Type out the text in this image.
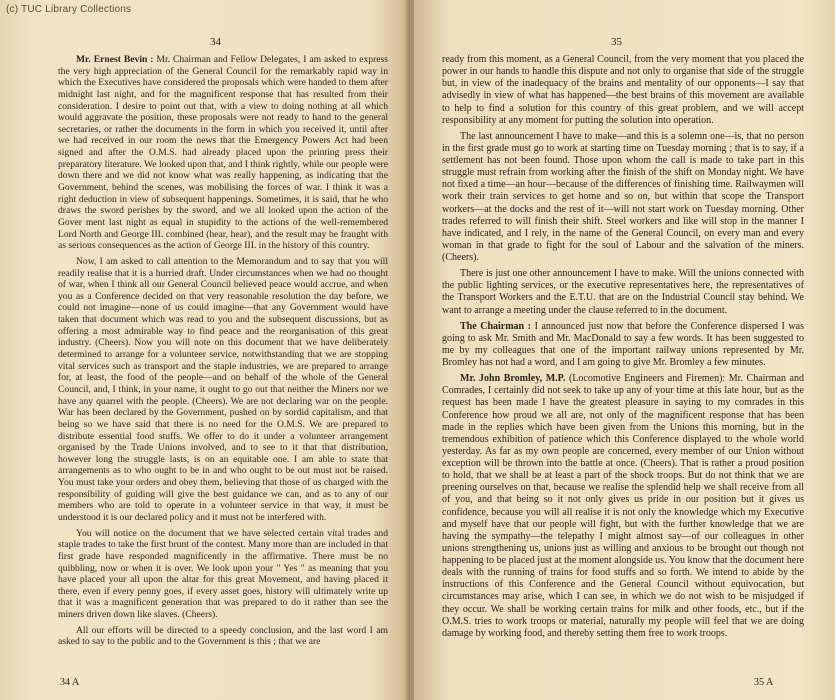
(c) TUC Library Collections
34

Mr. Ernest Bevin : Mr. Chairman and Fellow Delegates, I am asked to express the very high appreciation of the General Council for the remarkably rapid way in which the Executives have considered the proposals which were handed to them after midnight last night, and for the magnificent response that has resulted from their consideration. I desire to point out that, with a view to doing nothing at all which would aggravate the position, these proposals were not ready to hand to the general secretaries, or rather the documents in the form in which you received it, until after we had received in our room the news that the Emergency Powers Act had been signed and after the O.M.S. had already placed upon the printing press their preparatory literature. We looked upon that, and I think rightly, while our people were down there and we did not know what was really happening, as indicating that the Government, behind the scenes, was mobilising the forces of war. I think it was a right deduction in view of subsequent happenings. Sometimes, it is said, that he who draws the sword perishes by the sword, and we all looked upon the action of the Gover ment last night as equal in stupidity to the actions of the well-remembered Lord North and George III. combined (hear, hear), and the result may be fraught with as serious consequences as the action of George III. in the history of this country.

Now, I am asked to call attention to the Memorandum and to say that you will readily realise that it is a hurried draft. Under circumstances when we had no thought of war, when I think all our General Council believed peace would accrue, and when you as a Conference decided on that very reasonable resolution the day before, we could not imagine—none of us could imagine—that any Government would have taken that document which was read to you and the subsequent discussions, but as offering a most admirable way to find peace and the reorganisation of this great industry. (Cheers). Now you will note on this document that we have deliberately determined to arrange for a volunteer service, notwithstanding that we are stopping vital services such as transport and the staple industries, we are prepared to arrange for, at least, the food of the people—and on behalf of the whole of the General Council, and, I think, in your name, it ought to go out that neither the Miners nor we have any quarrel with the people. (Cheers). We are not declaring war on the people. War has been declared by the Government, pushed on by sordid capitalism, and that being so we have said that there is no need for the O.M.S. We are prepared to distribute essential food stuffs. We offer to do it under a volunteer arrangement organised by the Trade Unions involved, and to see to it that that distribution, however long the struggle lasts, is on an equitable one. I am able to state that arrangements as to who ought to be in and who ought to be out must not be raised. You must take your orders and obey them, believing that those of us charged with the responsibility of guiding will give the best guidance we can, and as to any of our members who are told to operate in a volunteer service in that way, it must be understood it is our declared policy and it must not be interfered with.

You will notice on the document that we have selected certain vital trades and staple trades to take the first brunt of the contest. Many more than are included in that first grade have responded magnificently in the affirmative. There must be no quibbling, now or when it is over. We look upon your " Yes " as meaning that you have placed your all upon the altar for this great Movement, and having placed it there, even if every penny goes, if every asset goes, history will ultimately write up that it was a magnificent generation that was prepared to do it rather than see the miners driven down like slaves. (Cheers).

All our efforts will be directed to a speedy conclusion, and the last word I am asked to say to the public and to the Government is this ; that we are

34 A
35

ready from this moment, as a General Council, from the very moment that you placed the power in our hands to handle this dispute and not only to organise that side of the struggle but, in view of the inadequacy of the brains and mentality of our opponents—I say that advisedly in view of what has happened—the best brains of this movement are available to help to find a solution for this country of this great problem, and we will accept responsibility at any moment for putting the solution into operation.

The last announcement I have to make—and this is a solemn one—is, that no person in the first grade must go to work at starting time on Tuesday morning ; that is to say, if a settlement has not been found. Those upon whom the call is made to take part in this struggle must refrain from working after the finish of the shift on Monday night. We have not fixed a time—an hour—because of the differences of finishing time. Railwaymen will work their train services to get home and so on, but within that scope the Transport workers—at the docks and the rest of it—will not start work on Tuesday morning. Other trades referred to will finish their shift. Steel workers and like will stop in the manner I have indicated, and I rely, in the name of the General Council, on every man and every woman in that grade to fight for the soul of Labour and the salvation of the miners. (Cheers).

There is just one other announcement I have to make. Will the unions connected with the public lighting services, or the executive representatives here, the representatives of the Transport Workers and the E.T.U. that are on the Industrial Council stay behind. We want to arrange a meeting under the clause referred to in the document.

The Chairman : I announced just now that before the Conference dispersed I was going to ask Mr. Smith and Mr. MacDonald to say a few words. It has been suggested to me by my colleagues that one of the important railway unions represented by Mr. Bromley has not had a word, and I am going to give Mr. Bromley a few minutes.

Mr. John Bromley, M.P. (Locomotive Engineers and Firemen): Mr. Chairman and Comrades, I certainly did not seek to take up any of your time at this late hour, but as the request has been made I have the greatest pleasure in saying to my comrades in this Conference how proud we all are, not only of the magnificent response that has been made in the replies which have been given from the Unions this morning, but in the tremendous exhibition of patience which this Conference displayed to the whole world yesterday. As far as my own people are concerned, every member of our Union without exception will be thrown into the battle at once. (Cheers). That is rather a proud position to hold, that we shall be at least a part of the shock troops. But do not think that we are preening ourselves on that, because we realise the splendid help we shall receive from all of you, and that being so it not only gives us pride in our position but it gives us confidence, because you will all realise it is not only the knowledge which my Executive and myself have that our people will fight, but with the further knowledge that we are having the sympathy—the telepathy I might almost say—of our colleagues in other unions strengthening us, unions just as willing and anxious to be brought out though not happening to be placed just at the moment alongside us. You know that the document here deals with the running of trains for food stuffs and so forth. We intend to abide by the instructions of this Conference and the General Council without equivocation, but circumstances may arise, which I can see, in which we do not wish to be misjudged if they occur. We shall be working certain trains for milk and other foods, etc., but if the O.M.S. tries to work troops or material, naturally my people will feel that we are doing damage by working food, and thereby setting them free to work troops.

35 A
